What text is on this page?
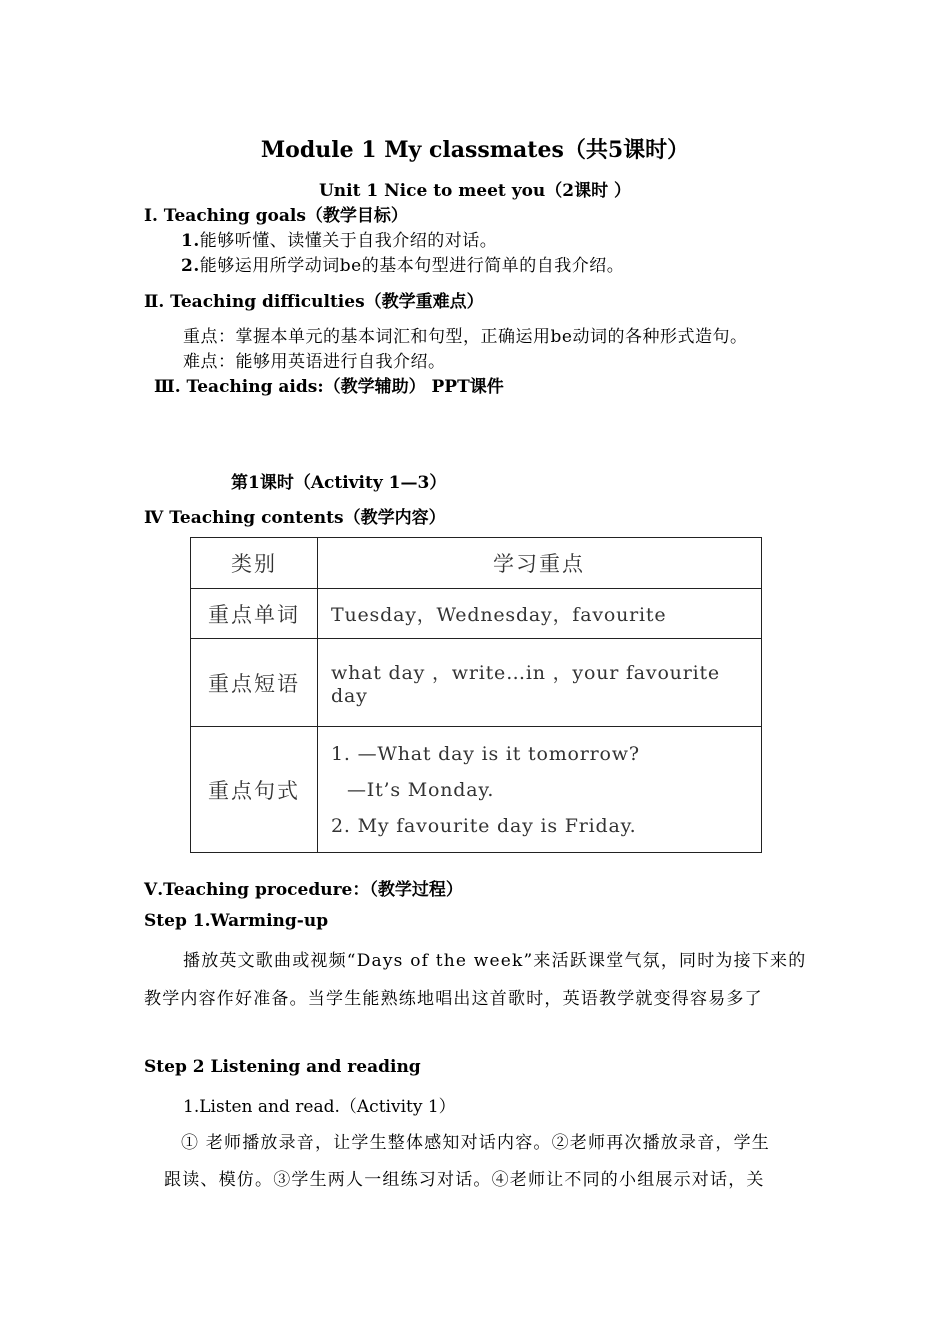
Module 1 My classmates（共5课时）
Unit 1 Nice to meet you（2课时 ）
Ⅰ. Teaching goals（教学目标）
1.能够听懂、读懂关于自我介绍的对话。
2.能够运用所学动词be的基本句型进行简单的自我介绍。
Ⅱ. Teaching difficulties（教学重难点）
重点：掌握本单元的基本词汇和句型，正确运用be动词的各种形式造句。
难点：能够用英语进行自我介绍。
Ⅲ. Teaching aids:（教学辅助） PPT课件
第1课时（Activity 1—3）
Ⅳ Teaching contents（教学内容）
类别	学习重点
重点单词	Tuesday，Wednesday，favourite
重点短语	what day ，write…in ，your favourite day
重点句式	1. —What day is it tomorrow?
—It’s Monday.
2. My favourite day is Friday.
Ⅴ.Teaching procedure：（教学过程）
Step 1.Warming-up
播放英文歌曲或视频“Days of the week”来活跃课堂气氛，同时为接下来的
教学内容作好准备。当学生能熟练地唱出这首歌时，英语教学就变得容易多了
Step 2 Listening and reading
1.Listen and read.（Activity 1）
① 老师播放录音，让学生整体感知对话内容。②老师再次播放录音，学生
跟读、模仿。③学生两人一组练习对话。④老师让不同的小组展示对话，关
